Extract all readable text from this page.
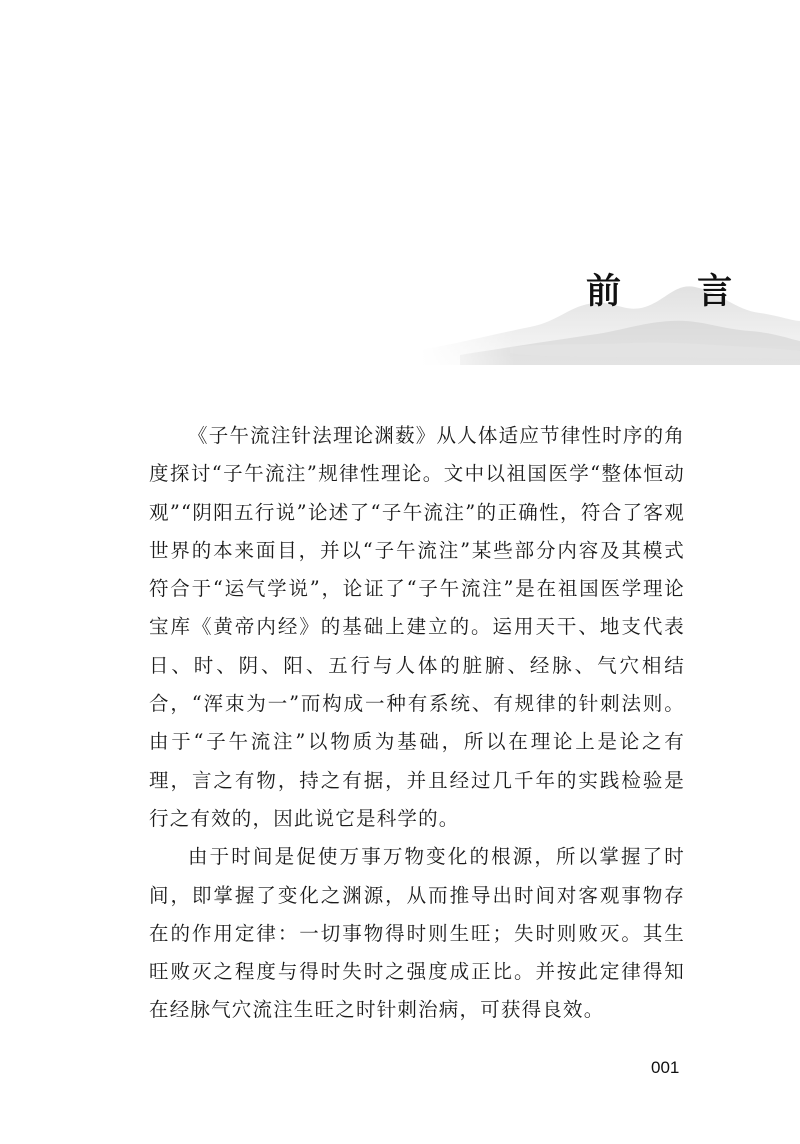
前 言

《子午流注针法理论渊薮》从人体适应节律性时序的角度探讨“子午流注”规律性理论。文中以祖国医学“整体恒动观”“阴阳五行说”论述了“子午流注”的正确性，符合了客观世界的本来面目，并以“子午流注”某些部分内容及其模式符合于“运气学说”，论证了“子午流注”是在祖国医学理论宝库《黄帝内经》的基础上建立的。运用天干、地支代表日、时、阴、阳、五行与人体的脏腑、经脉、气穴相结合，“浑束为一”而构成一种有系统、有规律的针刺法则。由于“子午流注”以物质为基础，所以在理论上是论之有理，言之有物，持之有据，并且经过几千年的实践检验是行之有效的，因此说它是科学的。

由于时间是促使万事万物变化的根源，所以掌握了时间，即掌握了变化之渊源，从而推导出时间对客观事物存在的作用定律：一切事物得时则生旺；失时则败灭。其生旺败灭之程度与得时失时之强度成正比。并按此定律得知在经脉气穴流注生旺之时针刺治病，可获得良效。

001
